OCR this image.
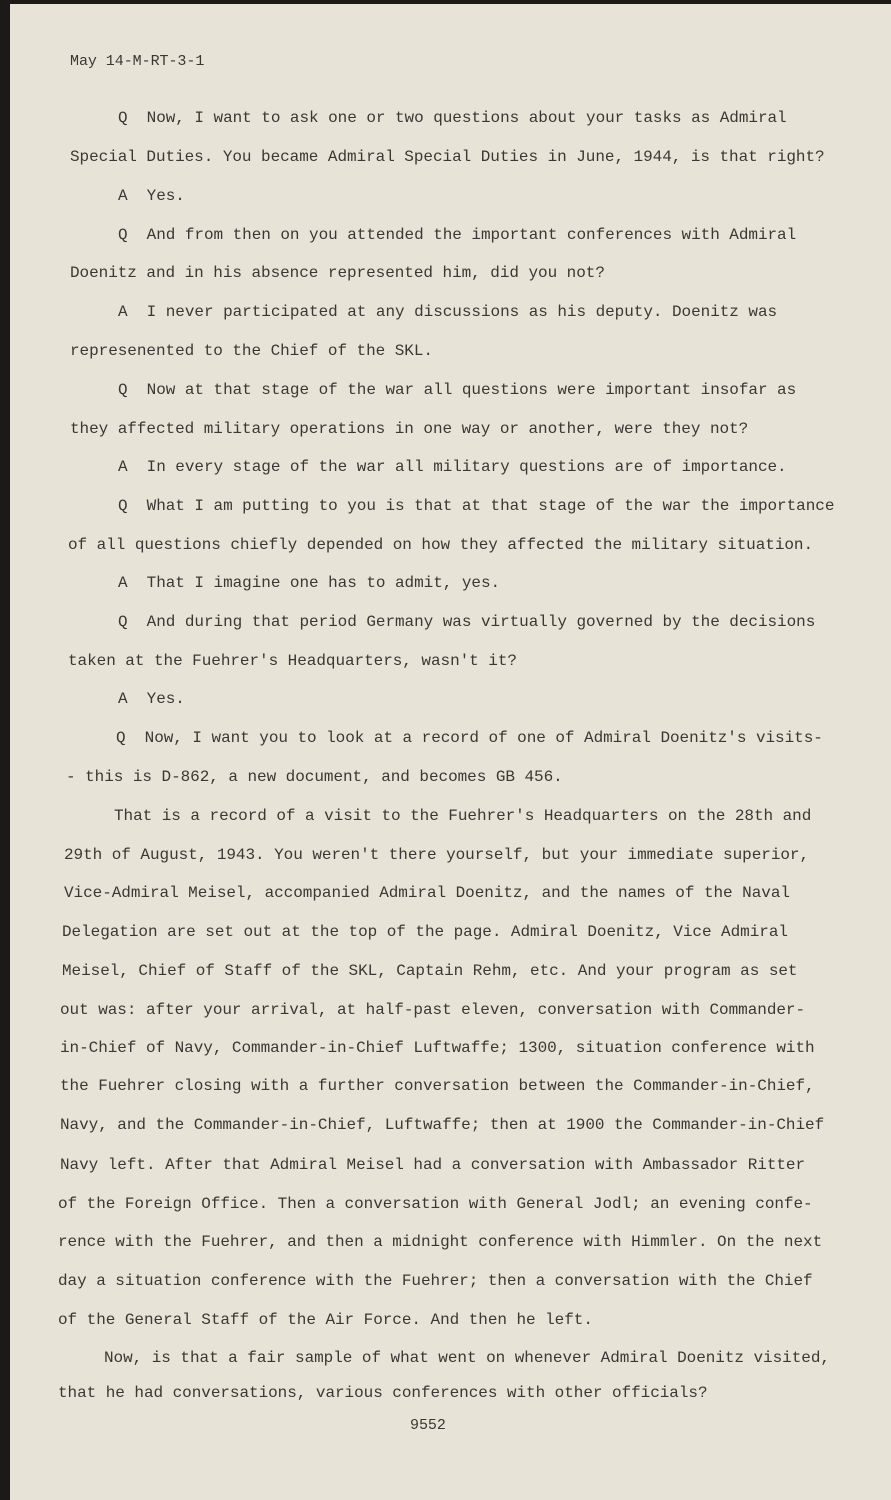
May 14-M-RT-3-1
Q  Now, I want to ask one or two questions about your tasks as Admiral
Special Duties. You became Admiral Special Duties in June, 1944, is that right?
A  Yes.
Q  And from then on you attended the important conferences with Admiral
Doenitz and in his absence represented him, did you not?
A  I never participated at any discussions as his deputy. Doenitz was
represenented to the Chief of the SKL.
Q  Now at that stage of the war all questions were important insofar as
they affected military operations in one way or another, were they not?
A  In every stage of the war all military questions are of importance.
Q  What I am putting to you is that at that stage of the war the importance
of all questions chiefly depended on how they affected the military situation.
A  That I imagine one has to admit, yes.
Q  And during that period Germany was virtually governed by the decisions
taken at the Fuehrer's Headquarters, wasn't it?
A  Yes.
Q  Now, I want you to look at a record of one of Admiral Doenitz's visits-
- this is D-862, a new document, and becomes GB 456.
That is a record of a visit to the Fuehrer's Headquarters on the 28th and
29th of August, 1943. You weren't there yourself, but your immediate superior,
Vice-Admiral Meisel, accompanied Admiral Doenitz, and the names of the Naval
Delegation are set out at the top of the page. Admiral Doenitz, Vice Admiral
Meisel, Chief of Staff of the SKL, Captain Rehm, etc. And your program as set
out was: after your arrival, at half-past eleven, conversation with Commander-
in-Chief of Navy, Commander-in-Chief Luftwaffe; 1300, situation conference with
the Fuehrer closing with a further conversation between the Commander-in-Chief,
Navy, and the Commander-in-Chief, Luftwaffe; then at 1900 the Commander-in-Chief
Navy left. After that Admiral Meisel had a conversation with Ambassador Ritter
of the Foreign Office. Then a conversation with General Jodl; an evening confe-
rence with the Fuehrer, and then a midnight conference with Himmler. On the next
day a situation conference with the Fuehrer; then a conversation with the Chief
of the General Staff of the Air Force. And then he left.
Now, is that a fair sample of what went on whenever Admiral Doenitz visited,
that he had conversations, various conferences with other officials?
9552
